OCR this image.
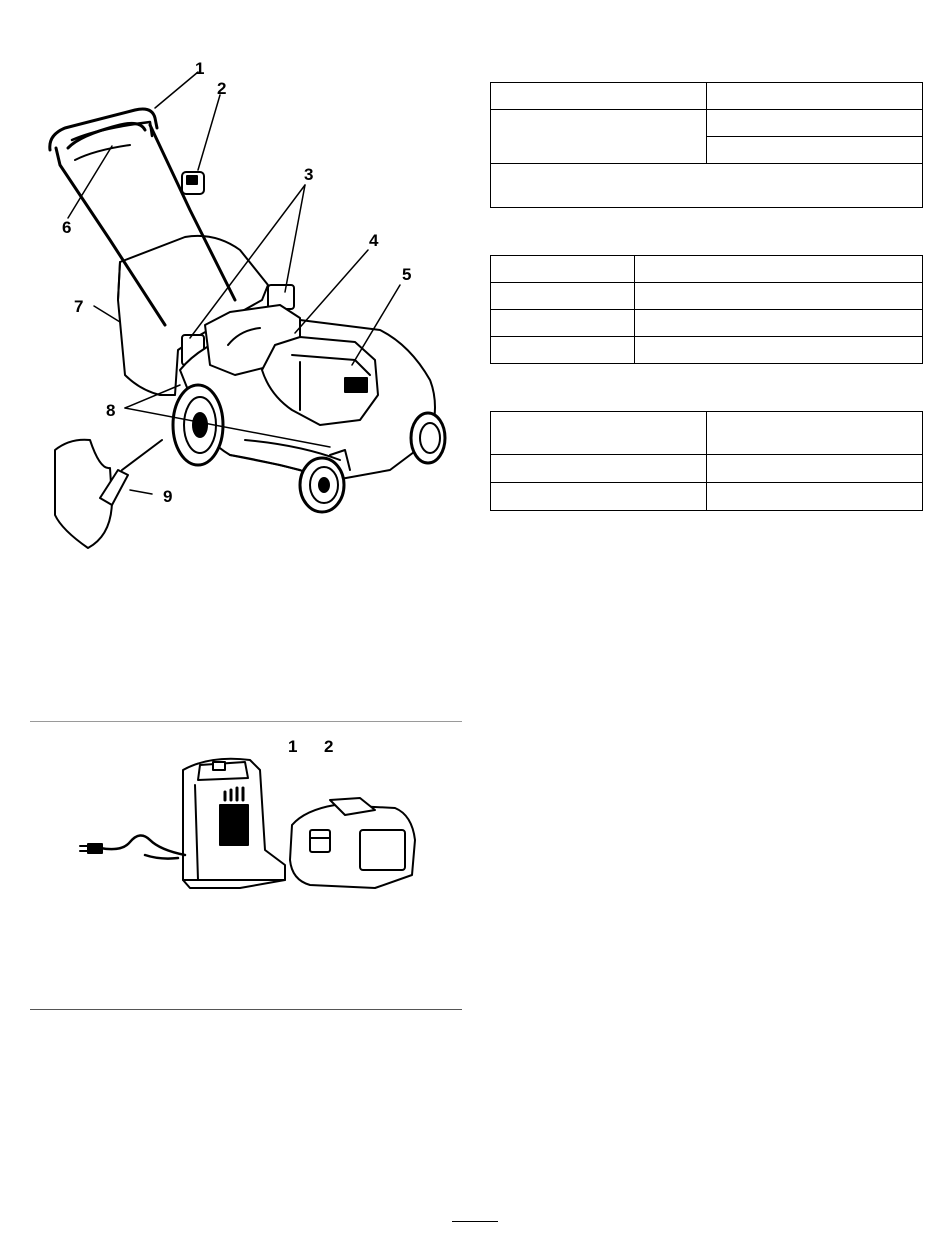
1
2
3
4
5
6
7
8
9
1 2
